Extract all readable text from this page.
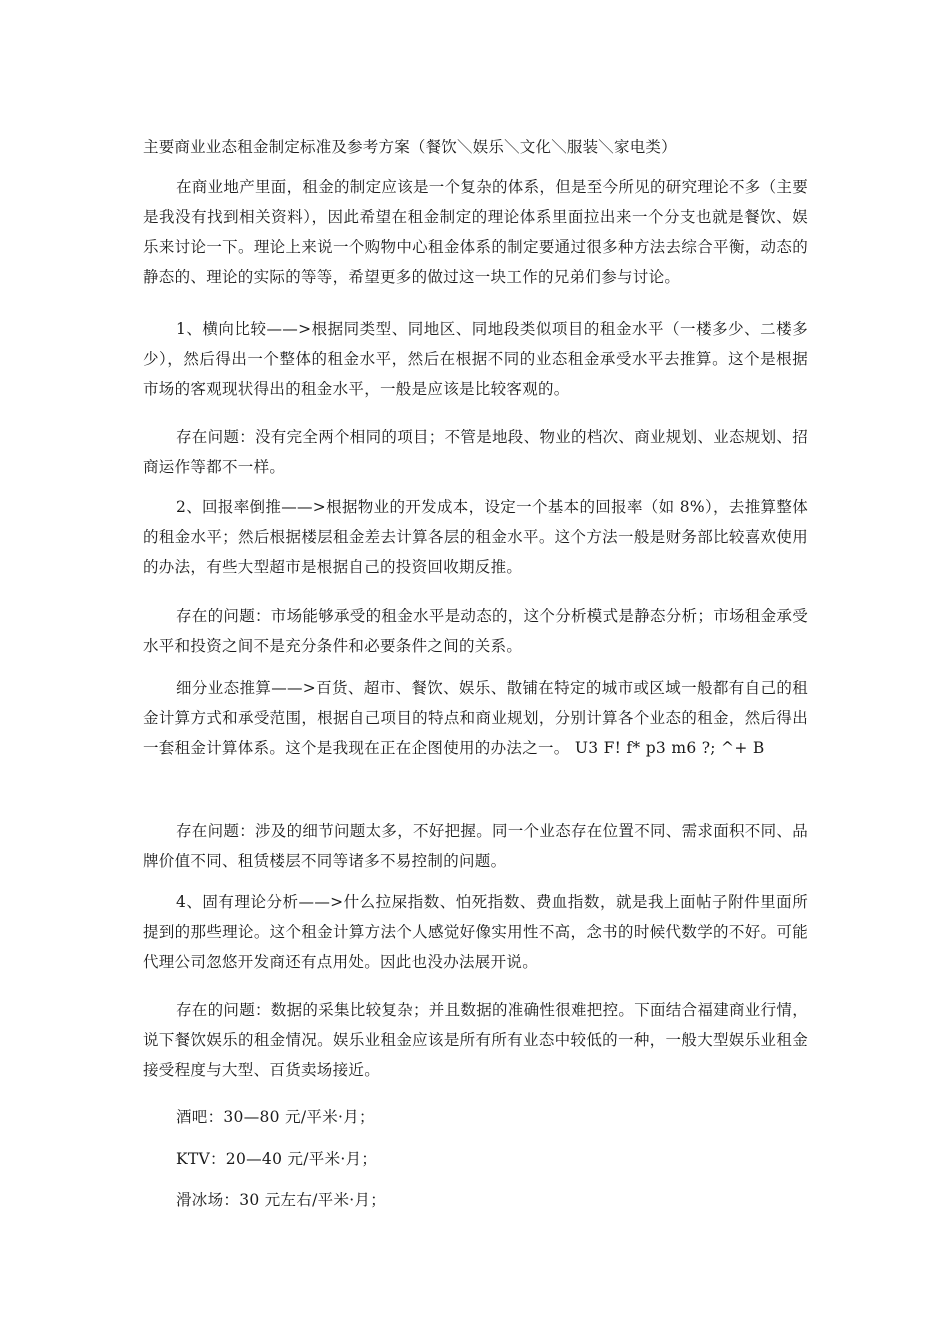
主要商业业态租金制定标准及参考方案（餐饮＼娱乐＼文化＼服装＼家电类）

在商业地产里面，租金的制定应该是一个复杂的体系，但是至今所见的研究理论不多（主要是我没有找到相关资料），因此希望在租金制定的理论体系里面拉出来一个分支也就是餐饮、娱乐来讨论一下。理论上来说一个购物中心租金体系的制定要通过很多种方法去综合平衡，动态的静态的、理论的实际的等等，希望更多的做过这一块工作的兄弟们参与讨论。

1、横向比较——>根据同类型、同地区、同地段类似项目的租金水平（一楼多少、二楼多少），然后得出一个整体的租金水平，然后在根据不同的业态租金承受水平去推算。这个是根据市场的客观现状得出的租金水平，一般是应该是比较客观的。

存在问题：没有完全两个相同的项目；不管是地段、物业的档次、商业规划、业态规划、招商运作等都不一样。

2、回报率倒推——>根据物业的开发成本，设定一个基本的回报率（如 8%），去推算整体的租金水平；然后根据楼层租金差去计算各层的租金水平。这个方法一般是财务部比较喜欢使用的办法，有些大型超市是根据自己的投资回收期反推。

存在的问题：市场能够承受的租金水平是动态的，这个分析模式是静态分析；市场租金承受水平和投资之间不是充分条件和必要条件之间的关系。

细分业态推算——>百货、超市、餐饮、娱乐、散铺在特定的城市或区域一般都有自己的租金计算方式和承受范围，根据自己项目的特点和商业规划，分别计算各个业态的租金，然后得出一套租金计算体系。这个是我现在正在企图使用的办法之一。 U3 F! f* p3 m6 ?; ^+ B

存在问题：涉及的细节问题太多，不好把握。同一个业态存在位置不同、需求面积不同、品牌价值不同、租赁楼层不同等诸多不易控制的问题。

4、固有理论分析——>什么拉屎指数、怕死指数、费血指数，就是我上面帖子附件里面所提到的那些理论。这个租金计算方法个人感觉好像实用性不高，念书的时候代数学的不好。可能代理公司忽悠开发商还有点用处。因此也没办法展开说。

存在的问题：数据的采集比较复杂；并且数据的准确性很难把控。下面结合福建商业行情，说下餐饮娱乐的租金情况。娱乐业租金应该是所有所有业态中较低的一种，一般大型娱乐业租金接受程度与大型、百货卖场接近。

酒吧：30—80 元/平米·月；
KTV：20—40 元/平米·月；
滑冰场：30 元左右/平米·月；
